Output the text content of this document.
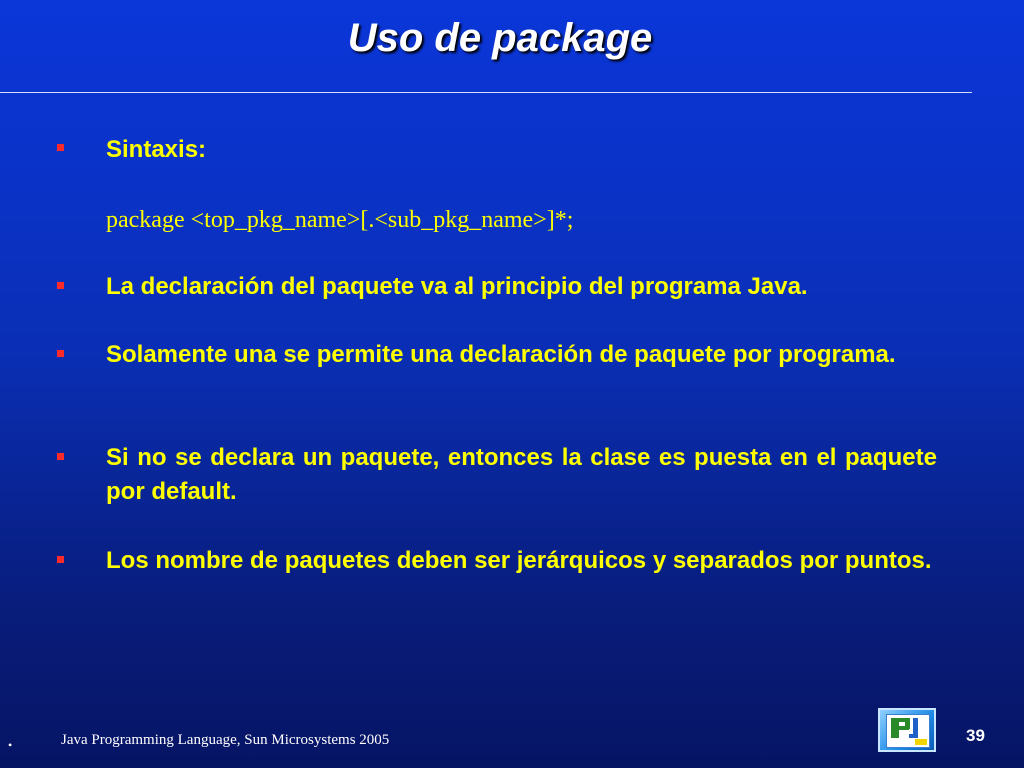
Uso de package
Sintaxis:
package <top_pkg_name>[.<sub_pkg_name>]*;
La declaración del paquete va al principio del programa Java.
Solamente una se permite una declaración de paquete por programa.
Si no se declara un paquete, entonces la clase es puesta en el paquete por default.
Los nombre de paquetes deben ser jerárquicos y separados por puntos.
•	Java Programming Language, Sun Microsystems 2005	39
